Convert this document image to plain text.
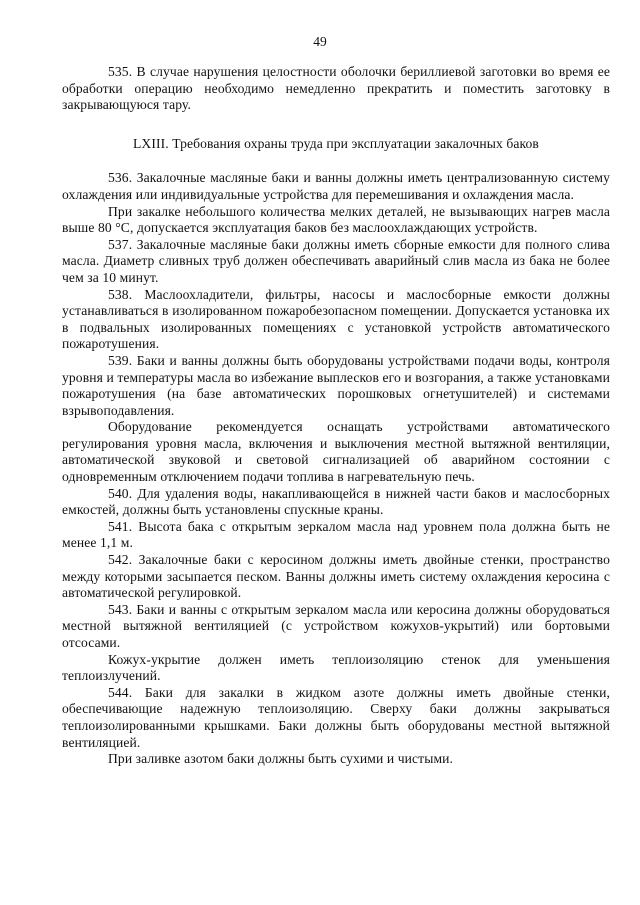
49

535. В случае нарушения целостности оболочки бериллиевой заготовки во время ее обработки операцию необходимо немедленно прекратить и поместить заготовку в закрывающуюся тару.

LXIII. Требования охраны труда при эксплуатации закалочных баков

536. Закалочные масляные баки и ванны должны иметь централизованную систему охлаждения или индивидуальные устройства для перемешивания и охлаждения масла.

При закалке небольшого количества мелких деталей, не вызывающих нагрев масла выше 80 °С, допускается эксплуатация баков без маслоохлаждающих устройств.

537. Закалочные масляные баки должны иметь сборные емкости для полного слива масла. Диаметр сливных труб должен обеспечивать аварийный слив масла из бака не более чем за 10 минут.

538. Маслоохладители, фильтры, насосы и маслосборные емкости должны устанавливаться в изолированном пожаробезопасном помещении. Допускается установка их в подвальных изолированных помещениях с установкой устройств автоматического пожаротушения.

539. Баки и ванны должны быть оборудованы устройствами подачи воды, контроля уровня и температуры масла во избежание выплесков его и возгорания, а также установками пожаротушения (на базе автоматических порошковых огнетушителей) и системами взрывоподавления.

Оборудование рекомендуется оснащать устройствами автоматического регулирования уровня масла, включения и выключения местной вытяжной вентиляции, автоматической звуковой и световой сигнализацией об аварийном состоянии с одновременным отключением подачи топлива в нагревательную печь.

540. Для удаления воды, накапливающейся в нижней части баков и маслосборных емкостей, должны быть установлены спускные краны.

541. Высота бака с открытым зеркалом масла над уровнем пола должна быть не менее 1,1 м.

542. Закалочные баки с керосином должны иметь двойные стенки, пространство между которыми засыпается песком. Ванны должны иметь систему охлаждения керосина с автоматической регулировкой.

543. Баки и ванны с открытым зеркалом масла или керосина должны оборудоваться местной вытяжной вентиляцией (с устройством кожухов-укрытий) или бортовыми отсосами.

Кожух-укрытие должен иметь теплоизоляцию стенок для уменьшения теплоизлучений.

544. Баки для закалки в жидком азоте должны иметь двойные стенки, обеспечивающие надежную теплоизоляцию. Сверху баки должны закрываться теплоизолированными крышками. Баки должны быть оборудованы местной вытяжной вентиляцией.

При заливке азотом баки должны быть сухими и чистыми.
